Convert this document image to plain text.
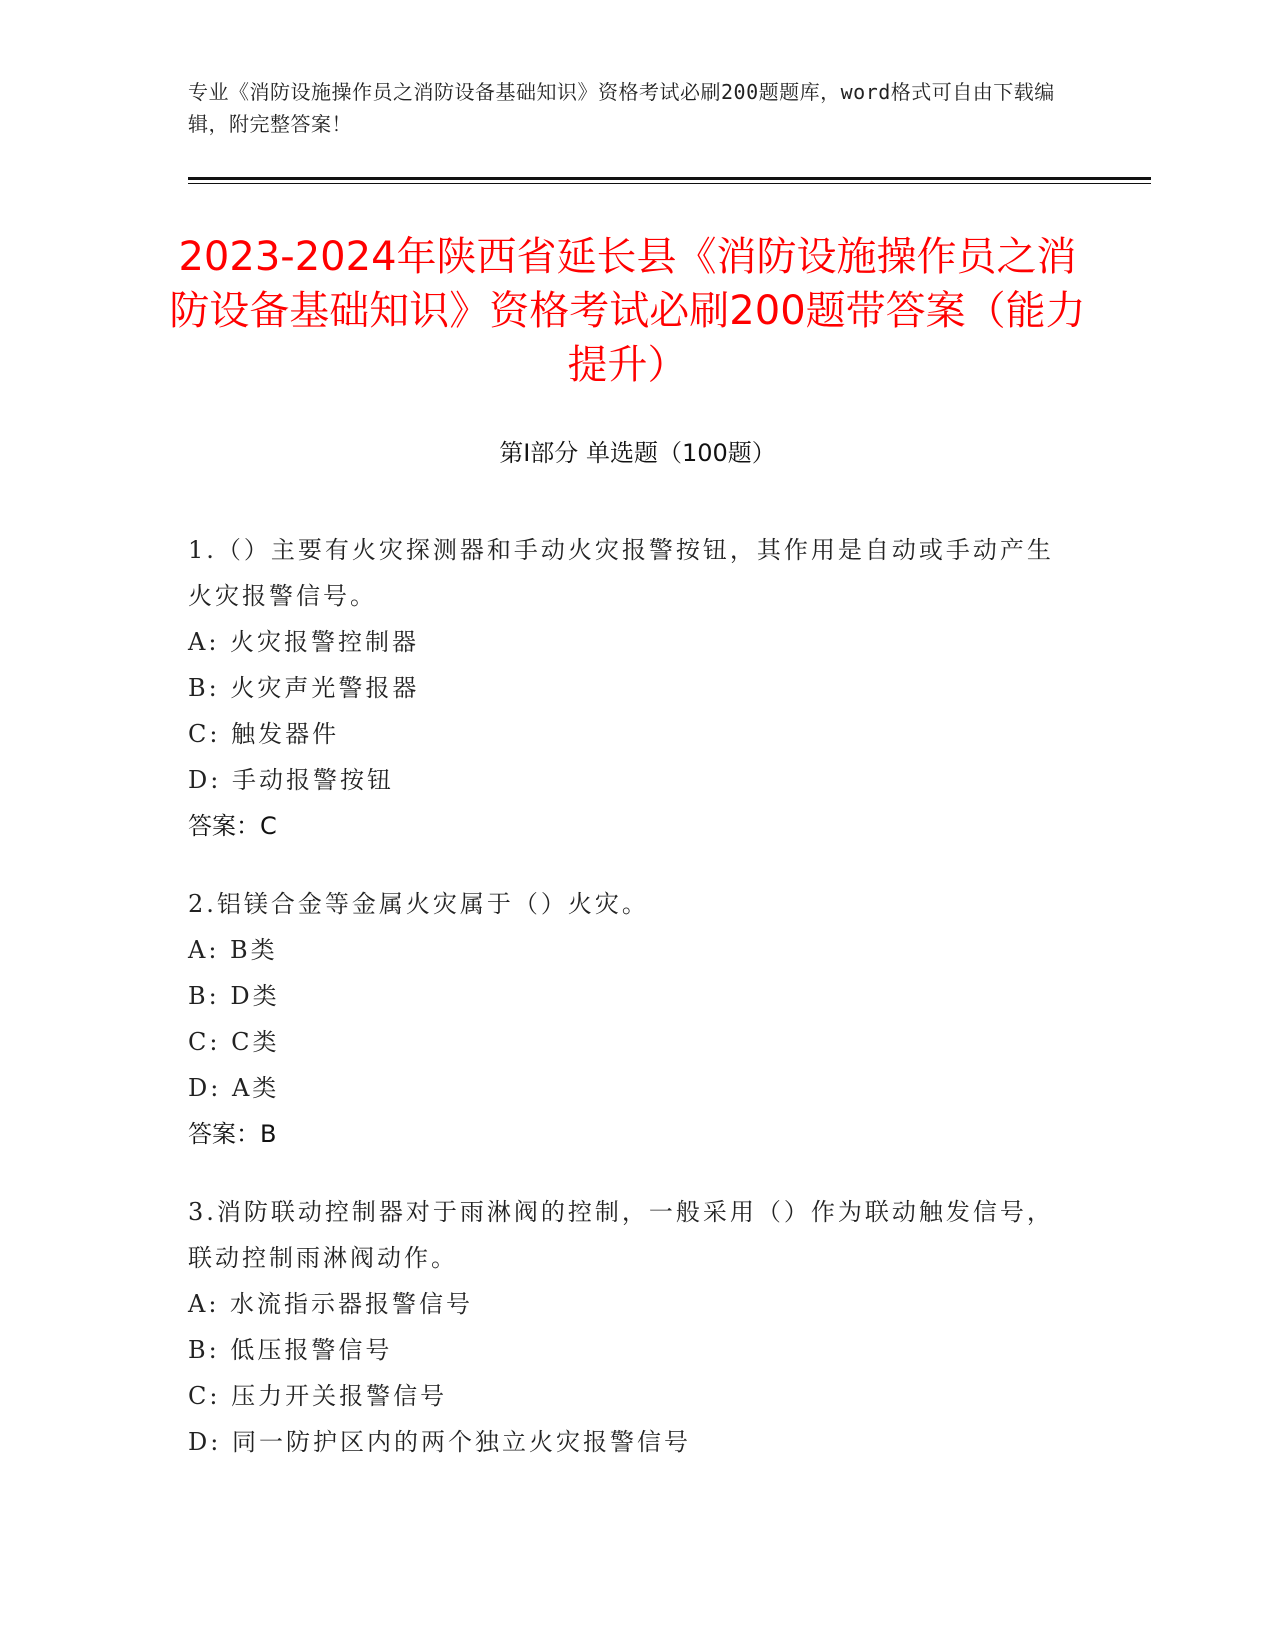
专业《消防设施操作员之消防设备基础知识》资格考试必刷200题题库，word格式可自由下载编辑，附完整答案！
2023-2024年陕西省延长县《消防设施操作员之消防设备基础知识》资格考试必刷200题带答案（能力提升）
第Ⅰ部分 单选题（100题）

1.（）主要有火灾探测器和手动火灾报警按钮，其作用是自动或手动产生火灾报警信号。

A: 火灾报警控制器

B: 火灾声光警报器

C: 触发器件

D: 手动报警按钮

答案：C

2.铝镁合金等金属火灾属于（）火灾。

A: B类

B: D类

C: C类

D: A类

答案：B

3.消防联动控制器对于雨淋阀的控制，一般采用（）作为联动触发信号，联动控制雨淋阀动作。

A: 水流指示器报警信号

B: 低压报警信号

C: 压力开关报警信号

D: 同一防护区内的两个独立火灾报警信号
